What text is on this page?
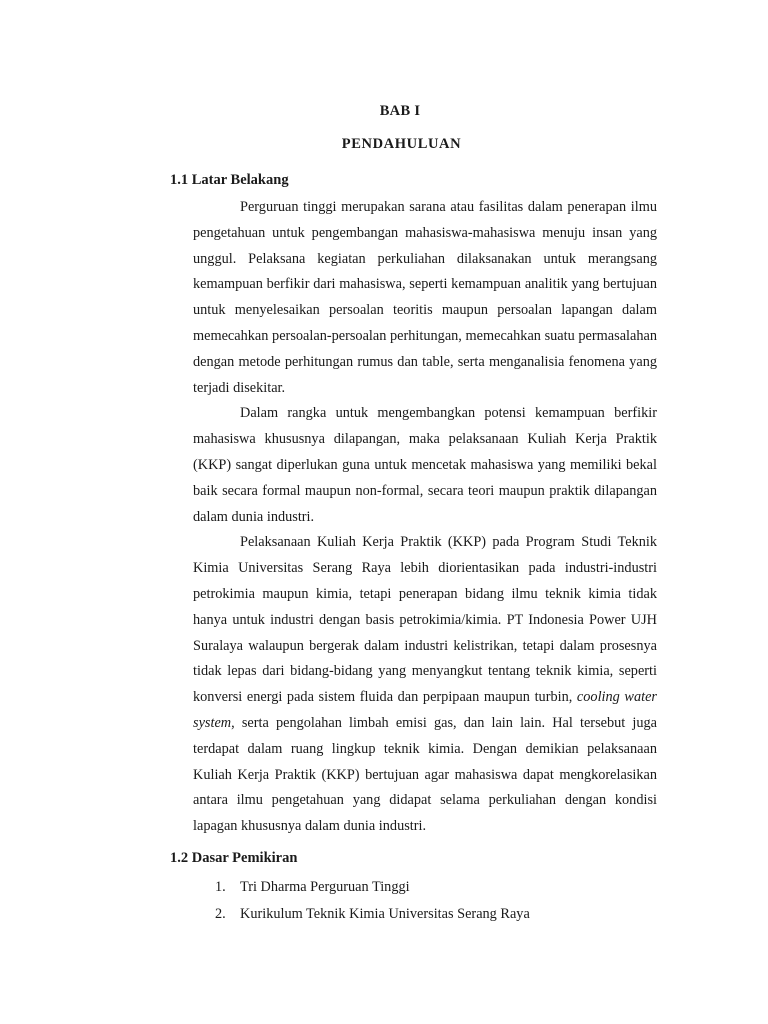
BAB I
PENDAHULUAN
1.1 Latar Belakang

Perguruan tinggi merupakan sarana atau fasilitas dalam penerapan ilmu pengetahuan untuk pengembangan mahasiswa-mahasiswa menuju insan yang unggul. Pelaksana kegiatan perkuliahan dilaksanakan untuk merangsang kemampuan berfikir dari mahasiswa, seperti kemampuan analitik yang bertujuan untuk menyelesaikan persoalan teoritis maupun persoalan lapangan dalam memecahkan persoalan-persoalan perhitungan, memecahkan suatu permasalahan dengan metode perhitungan rumus dan table, serta menganalisia fenomena yang terjadi disekitar.

Dalam rangka untuk mengembangkan potensi kemampuan berfikir mahasiswa khususnya dilapangan, maka pelaksanaan Kuliah Kerja Praktik (KKP) sangat diperlukan guna untuk mencetak mahasiswa yang memiliki bekal baik secara formal maupun non-formal, secara teori maupun praktik dilapangan dalam dunia industri.

Pelaksanaan Kuliah Kerja Praktik (KKP) pada Program Studi Teknik Kimia Universitas Serang Raya lebih diorientasikan pada industri-industri petrokimia maupun kimia, tetapi penerapan bidang ilmu teknik kimia tidak hanya untuk industri dengan basis petrokimia/kimia. PT Indonesia Power UJH Suralaya walaupun bergerak dalam industri kelistrikan, tetapi dalam prosesnya tidak lepas dari bidang-bidang yang menyangkut tentang teknik kimia, seperti konversi energi pada sistem fluida dan perpipaan maupun turbin, cooling water system, serta pengolahan limbah emisi gas, dan lain lain. Hal tersebut juga terdapat dalam ruang lingkup teknik kimia. Dengan demikian pelaksanaan Kuliah Kerja Praktik (KKP) bertujuan agar mahasiswa dapat mengkorelasikan antara ilmu pengetahuan yang didapat selama perkuliahan dengan kondisi lapagan khususnya dalam dunia industri.

1.2 Dasar Pemikiran
1. Tri Dharma Perguruan Tinggi
2. Kurikulum Teknik Kimia Universitas Serang Raya
